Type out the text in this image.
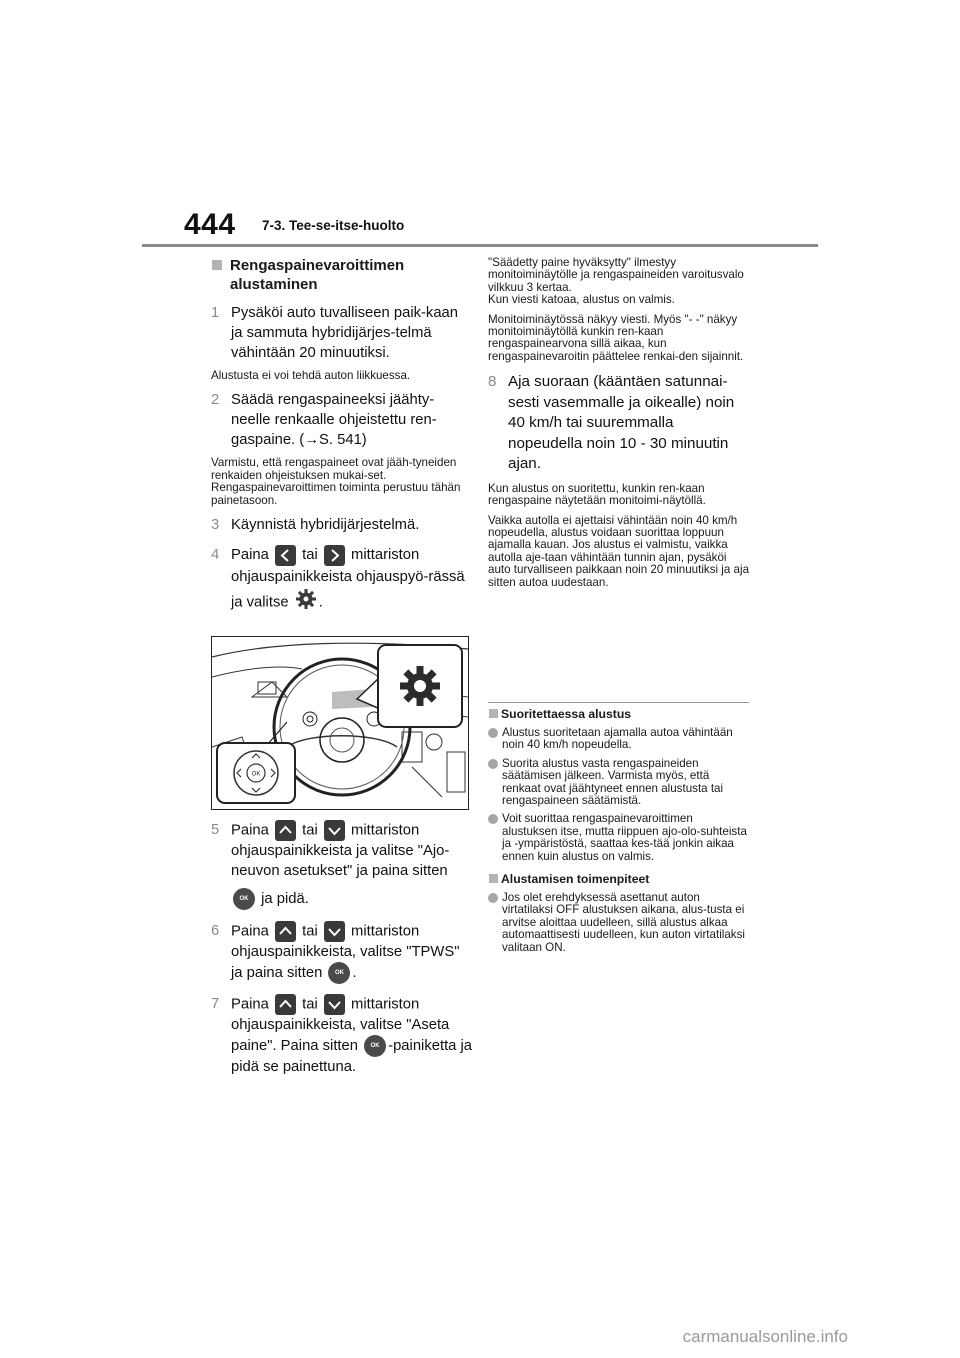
444 7-3. Tee-se-itse-huolto
Rengaspainevaroittimen alustaminen
1 Pysäköi auto tuvalliseen paik-kaan ja sammuta hybridijärjes-telmä vähintään 20 minuutiksi.
Alustusta ei voi tehdä auton liikkuessa.
2 Säädä rengaspaineeksi jäähty-neelle renkaalle ohjeistettu ren-gaspaine. (→S. 541)
Varmistu, että rengaspaineet ovat jääh-tyneiden renkaiden ohjeistuksen mukai-set. Rengaspainevaroittimen toiminta perustuu tähän painetasoon.
3 Käynnistä hybridijärjestelmä.
4 Paina tai mittariston ohjauspainikkeista ohjauspyö-rässä ja valitse .
OK
5 Paina tai mittariston ohjauspainikkeista ja valitse "Ajo-neuvon asetukset" ja paina sitten
OK ja pidä.
6 Paina tai mittariston ohjauspainikkeista, valitse "TPWS" ja paina sitten OK .
7 Paina tai mittariston ohjauspainikkeista, valitse "Aseta paine". Paina sitten OK -painiketta ja pidä se painettuna.
"Säädetty paine hyväksytty" ilmestyy monitoiminäytölle ja rengaspaineiden varoitusvalo vilkkuu 3 kertaa.
Kun viesti katoaa, alustus on valmis.
Monitoiminäytössä näkyy viesti. Myös "- -" näkyy monitoiminäytöllä kunkin ren-kaan rengaspainearvona sillä aikaa, kun rengaspainevaroitin päättelee renkai-den sijainnit.
8 Aja suoraan (kääntäen satunnai-sesti vasemmalle ja oikealle) noin 40 km/h tai suuremmalla nopeudella noin 10 - 30 minuutin ajan.
Kun alustus on suoritettu, kunkin ren-kaan rengaspaine näytetään monitoimi-näytöllä.
Vaikka autolla ei ajettaisi vähintään noin 40 km/h nopeudella, alustus voidaan suorittaa loppuun ajamalla kauan. Jos alustus ei valmistu, vaikka autolla aje-taan vähintään tunnin ajan, pysäköi auto turvalliseen paikkaan noin 20 minuutiksi ja aja sitten autoa uudestaan.
Suoritettaessa alustus
Alustus suoritetaan ajamalla autoa vähintään noin 40 km/h nopeudella.
Suorita alustus vasta rengaspaineiden säätämisen jälkeen. Varmista myös, että renkaat ovat jäähtyneet ennen alustusta tai rengaspaineen säätämistä.
Voit suorittaa rengaspainevaroittimen alustuksen itse, mutta riippuen ajo-olo-suhteista ja -ympäristöstä, saattaa kes-tää jonkin aikaa ennen kuin alustus on valmis.
Alustamisen toimenpiteet
Jos olet erehdyksessä asettanut auton virtatilaksi OFF alustuksen aikana, alus-tusta ei arvitse aloittaa uudelleen, sillä alustus alkaa automaattisesti uudelleen, kun auton virtatilaksi valitaan ON.
carmanualsonline.info
